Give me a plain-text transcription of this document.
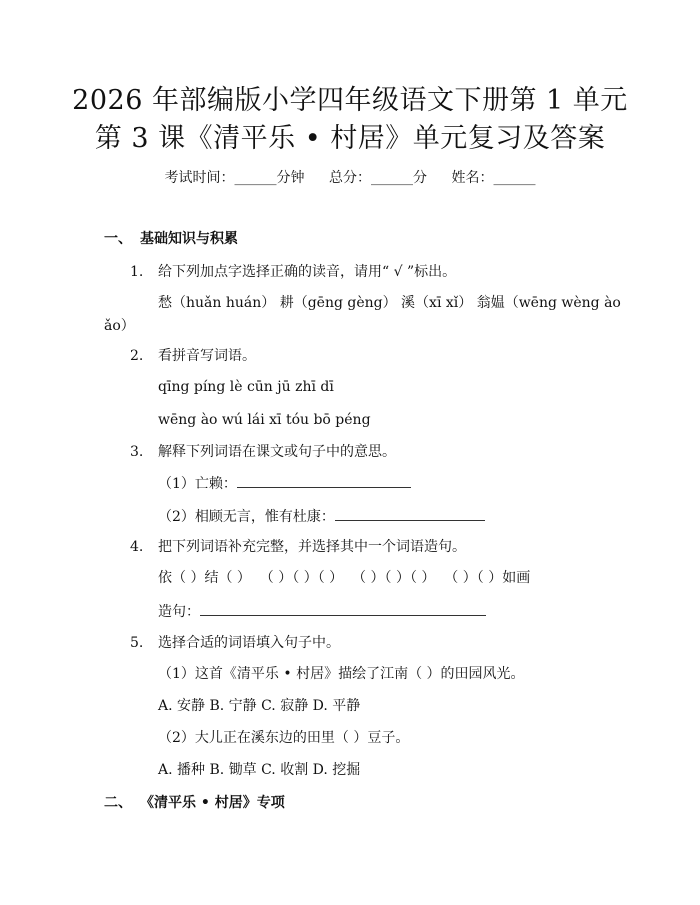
2026 年部编版小学四年级语文下册第 1 单元
第 3 课《清平乐 • 村居》单元复习及答案
考试时间：______分钟 总分：______分 姓名：______
一、 基础知识与积累
1. 给下列加点字选择正确的读音，请用“ √ ”标出。
愁（huǎn huán） 耕（gēng gèng） 溪（xī xǐ） 翁媪（wēng wèng ào
ǎo）
2. 看拼音写词语。
qīng píng lè cūn jū zhī dī
wēng ào wú lái xī tóu bō péng
3. 解释下列词语在课文或句子中的意思。
（1）亡赖：
（2）相顾无言，惟有杜康：
4. 把下列词语补充完整，并选择其中一个词语造句。
依（ ）结（ ）  （ ）（ ）（ ）  （ ）（ ）（ ）  （ ）（ ）如画
造句：
5. 选择合适的词语填入句子中。
（1）这首《清平乐 • 村居》描绘了江南（ ）的田园风光。
A. 安静 B. 宁静 C. 寂静 D. 平静
（2）大儿正在溪东边的田里（ ）豆子。
A. 播种 B. 锄草 C. 收割 D. 挖掘
二、 《清平乐 • 村居》专项
